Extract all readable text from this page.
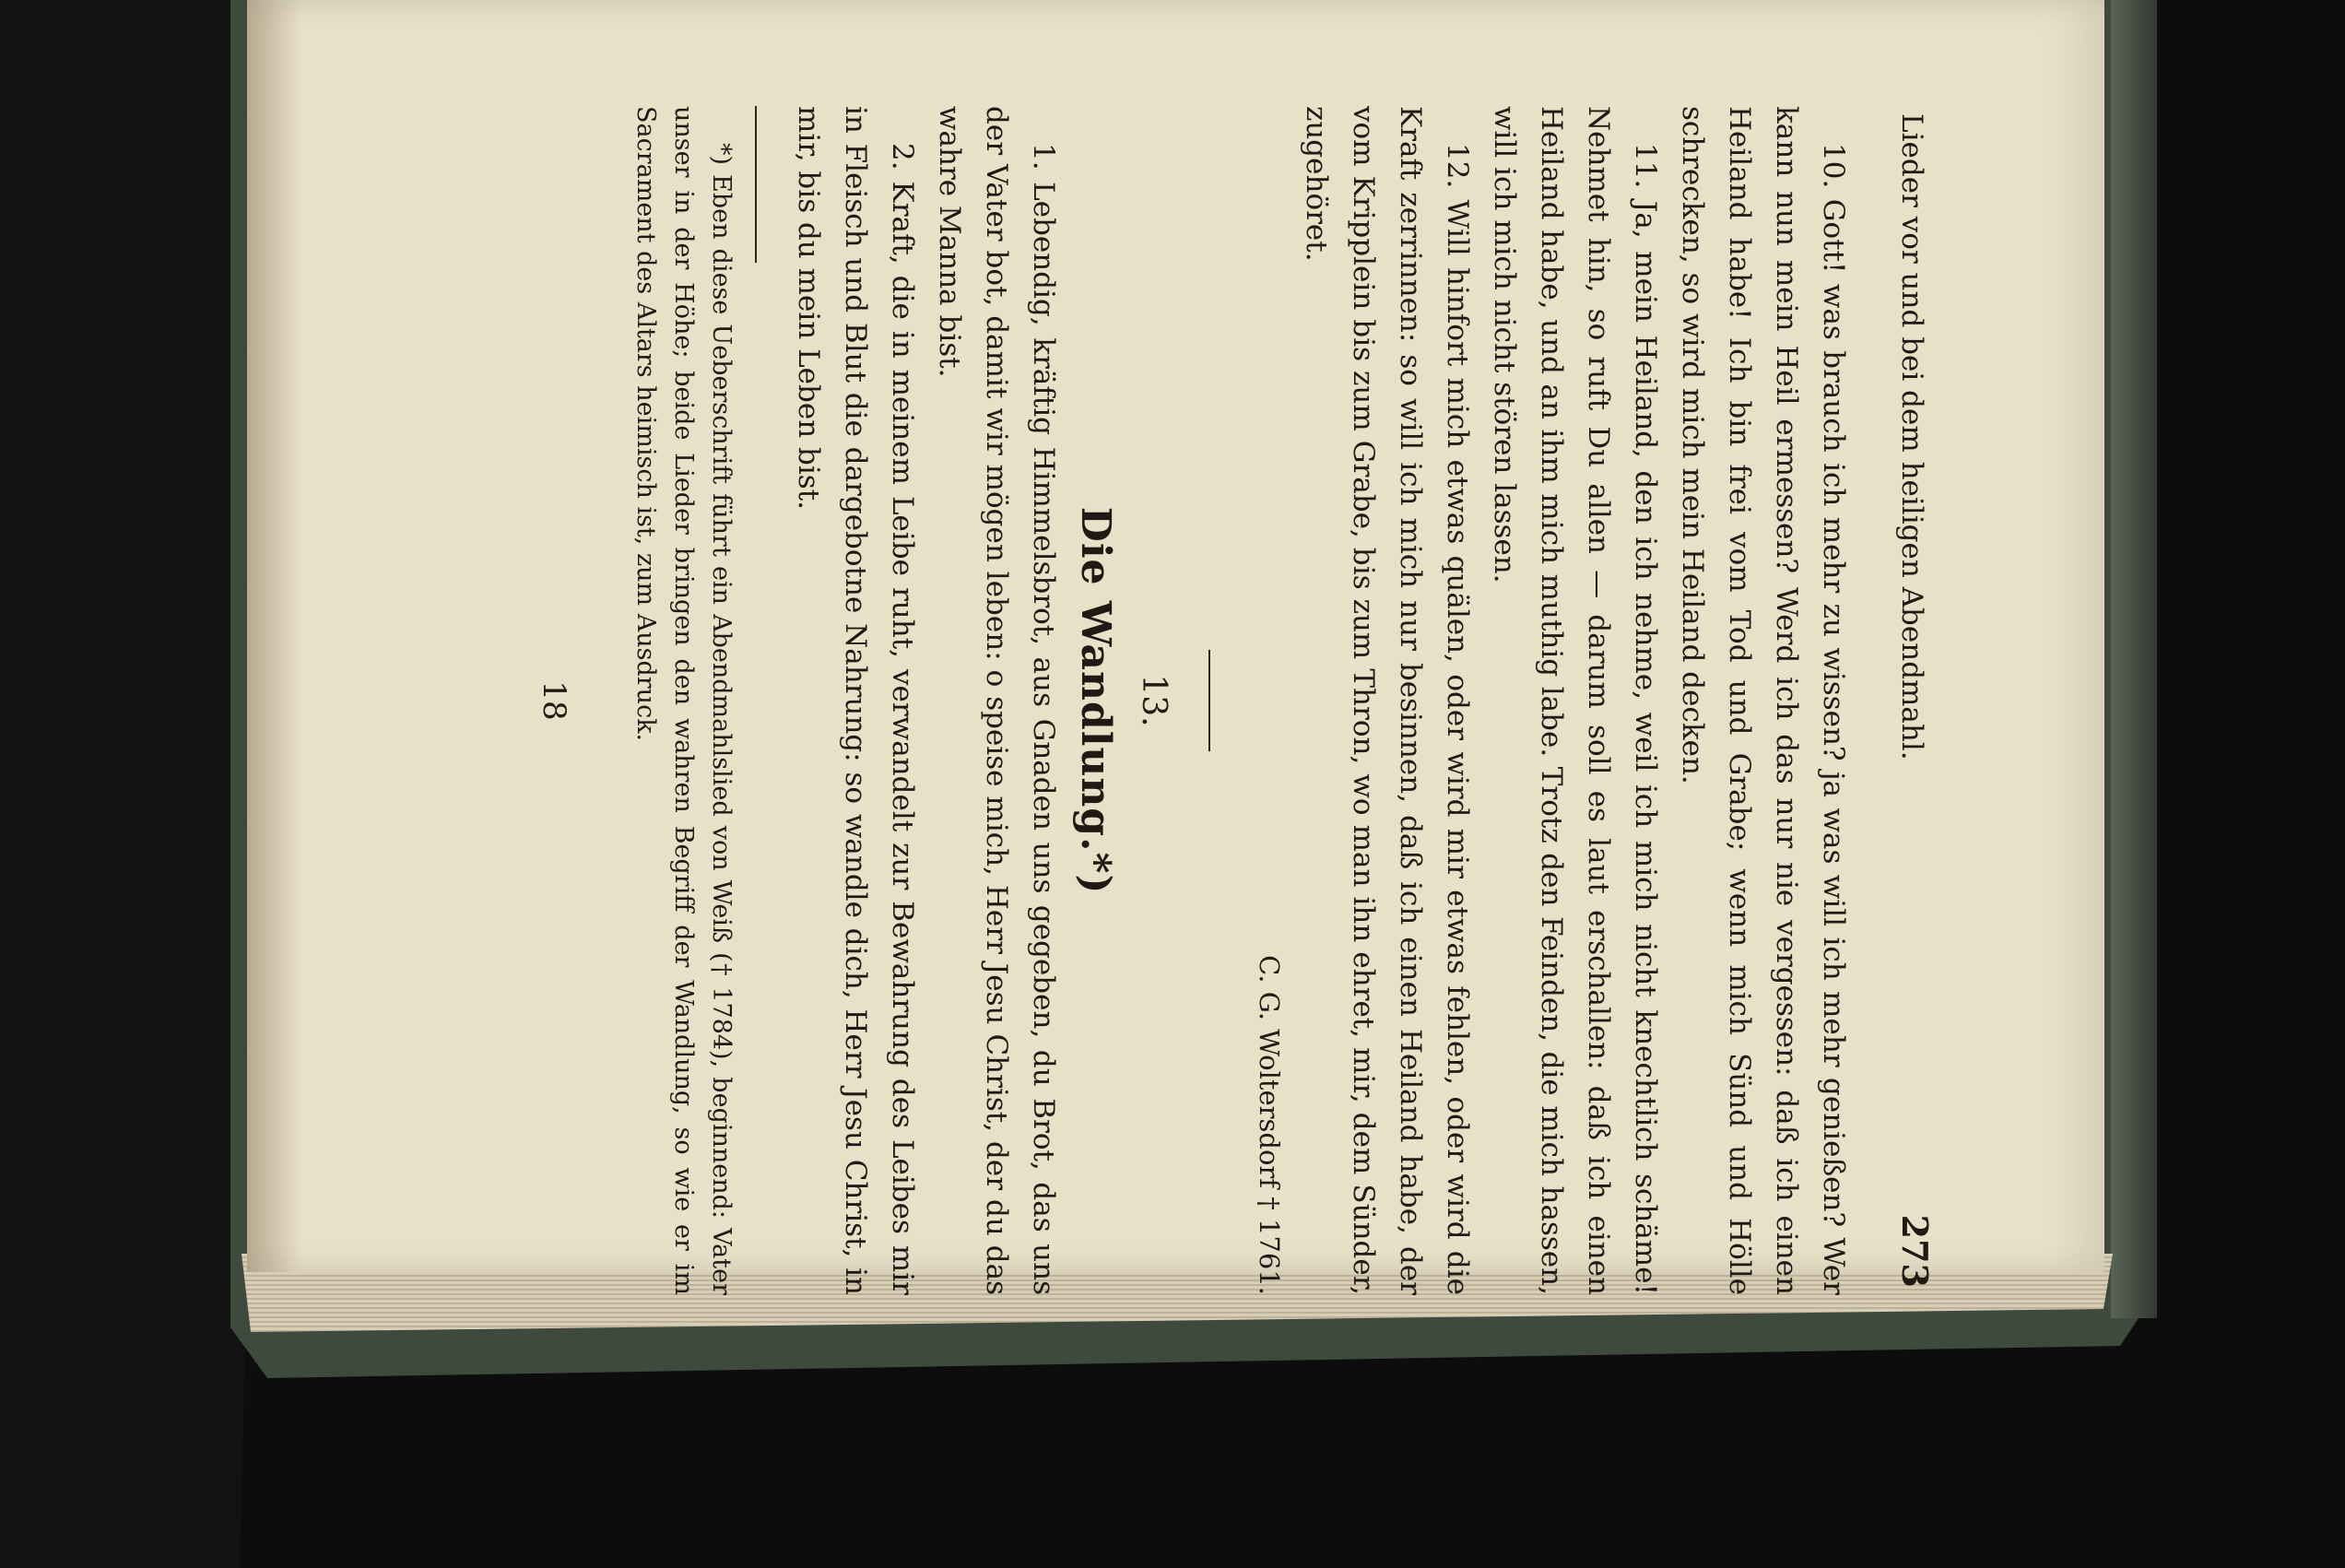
Lieder vor und bei dem heiligen Abendmahl.
273

10. Gott! was brauch ich mehr zu wissen? ja was will ich mehr genießen? Wer kann nun mein Heil ermessen? Werd ich das nur nie vergessen: daß ich einen Heiland habe! Ich bin frei vom Tod und Grabe; wenn mich Sünd und Hölle schrecken, so wird mich mein Heiland decken.

11. Ja, mein Heiland, den ich nehme, weil ich mich nicht knechtlich schäme! Nehmet hin, so ruft Du allen — darum soll es laut erschallen: daß ich einen Heiland habe, und an ihm mich muthig labe. Trotz den Feinden, die mich hassen, will ich mich nicht stören lassen.

12. Will hinfort mich etwas quälen, oder wird mir etwas fehlen, oder wird die Kraft zerrinnen: so will ich mich nur besinnen, daß ich einen Heiland habe, der vom Kripplein bis zum Grabe, bis zum Thron, wo man ihn ehret, mir, dem Sünder, zugehöret.

C. G. Woltersdorf † 1761.

13.

Die Wandlung.*)

1. Lebendig, kräftig Himmelsbrot, aus Gnaden uns gegeben, du Brot, das uns der Vater bot, damit wir mögen leben: o speise mich, Herr Jesu Christ, der du das wahre Manna bist.

2. Kraft, die in meinem Leibe ruht, verwandelt zur Bewahrung des Leibes mir in Fleisch und Blut die dargebotne Nahrung: so wandle dich, Herr Jesu Christ, in mir, bis du mein Leben bist.

*) Eben diese Ueberschrift führt ein Abendmahlslied von Weiß († 1784), beginnend: Vater unser in der Höhe; beide Lieder bringen den wahren Begriff der Wandlung, so wie er im Sacrament des Altars heimisch ist, zum Ausdruck.

18
